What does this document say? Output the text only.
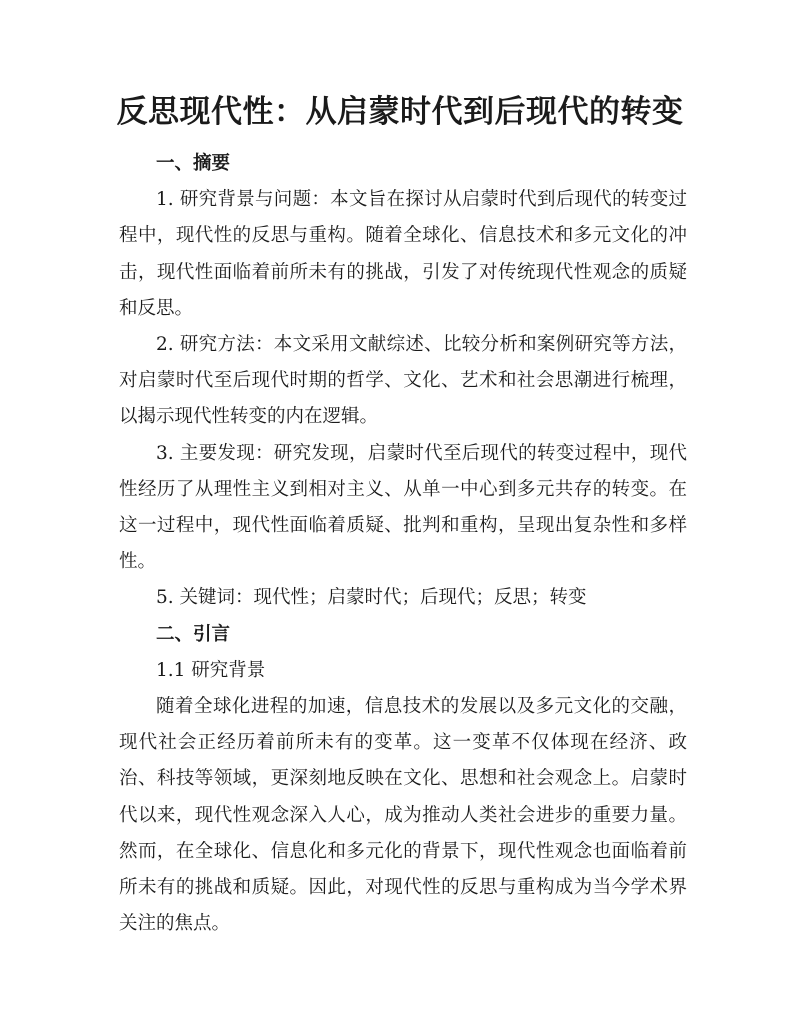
反思现代性：从启蒙时代到后现代的转变

一、摘要

1. 研究背景与问题：本文旨在探讨从启蒙时代到后现代的转变过程中，现代性的反思与重构。随着全球化、信息技术和多元文化的冲击，现代性面临着前所未有的挑战，引发了对传统现代性观念的质疑和反思。

2. 研究方法：本文采用文献综述、比较分析和案例研究等方法，对启蒙时代至后现代时期的哲学、文化、艺术和社会思潮进行梳理，以揭示现代性转变的内在逻辑。

3. 主要发现：研究发现，启蒙时代至后现代的转变过程中，现代性经历了从理性主义到相对主义、从单一中心到多元共存的转变。在这一过程中，现代性面临着质疑、批判和重构，呈现出复杂性和多样性。

5. 关键词：现代性；启蒙时代；后现代；反思；转变

二、引言

1.1 研究背景

随着全球化进程的加速，信息技术的发展以及多元文化的交融，现代社会正经历着前所未有的变革。这一变革不仅体现在经济、政治、科技等领域，更深刻地反映在文化、思想和社会观念上。启蒙时代以来，现代性观念深入人心，成为推动人类社会进步的重要力量。然而，在全球化、信息化和多元化的背景下，现代性观念也面临着前所未有的挑战和质疑。因此，对现代性的反思与重构成为当今学术界关注的焦点。
